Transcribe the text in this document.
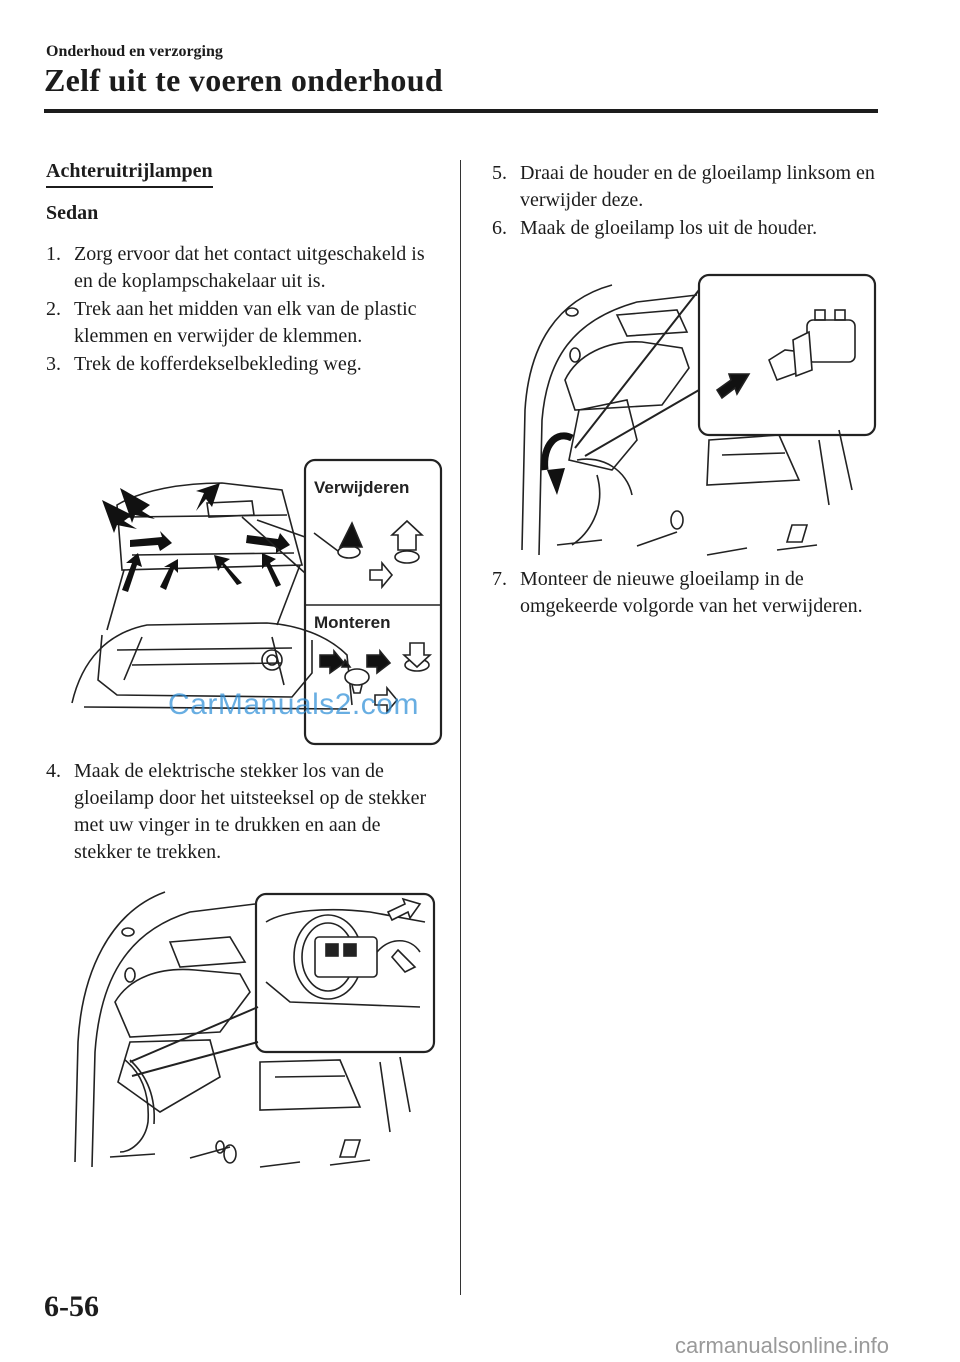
Onderhoud en verzorging
Zelf uit te voeren onderhoud
Achteruitrijlampen
Sedan
1. Zorg ervoor dat het contact uitgeschakeld is en de koplampschakelaar uit is.
2. Trek aan het midden van elk van de plastic klemmen en verwijder de klemmen.
3. Trek de kofferdekselbekleding weg.
Verwijderen
Monteren
CarManuals2.com
4. Maak de elektrische stekker los van de gloeilamp door het uitsteeksel op de stekker met uw vinger in te drukken en aan de stekker te trekken.
5. Draai de houder en de gloeilamp linksom en verwijder deze.
6. Maak de gloeilamp los uit de houder.
7. Monteer de nieuwe gloeilamp in de omgekeerde volgorde van het verwijderen.
6-56
carmanualsonline.info
